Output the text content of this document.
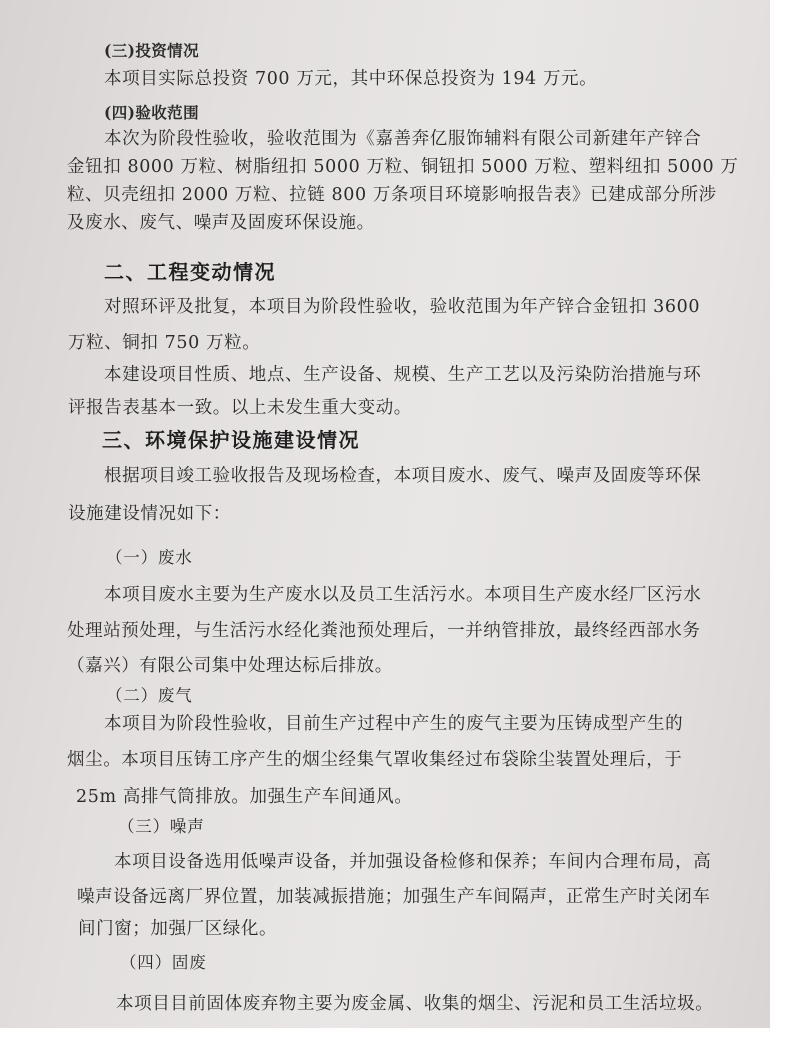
(三)投资情况
本项目实际总投资 700 万元，其中环保总投资为 194 万元。
(四)验收范围
本次为阶段性验收，验收范围为《嘉善奔亿服饰辅料有限公司新建年产锌合
金钮扣 8000 万粒、树脂纽扣 5000 万粒、铜钮扣 5000 万粒、塑料纽扣 5000 万
粒、贝壳纽扣 2000 万粒、拉链 800 万条项目环境影响报告表》已建成部分所涉
及废水、废气、噪声及固废环保设施。
二、工程变动情况
对照环评及批复，本项目为阶段性验收，验收范围为年产锌合金钮扣 3600
万粒、铜扣 750 万粒。
本建设项目性质、地点、生产设备、规模、生产工艺以及污染防治措施与环
评报告表基本一致。以上未发生重大变动。
三、环境保护设施建设情况
根据项目竣工验收报告及现场检查，本项目废水、废气、噪声及固废等环保
设施建设情况如下：
（一）废水
本项目废水主要为生产废水以及员工生活污水。本项目生产废水经厂区污水
处理站预处理，与生活污水经化粪池预处理后，一并纳管排放，最终经西部水务
（嘉兴）有限公司集中处理达标后排放。
（二）废气
本项目为阶段性验收，目前生产过程中产生的废气主要为压铸成型产生的
烟尘。本项目压铸工序产生的烟尘经集气罩收集经过布袋除尘装置处理后，于
25m 高排气筒排放。加强生产车间通风。
（三）噪声
本项目设备选用低噪声设备，并加强设备检修和保养；车间内合理布局，高
噪声设备远离厂界位置，加装减振措施；加强生产车间隔声，正常生产时关闭车
间门窗；加强厂区绿化。
（四）固废
本项目目前固体废弃物主要为废金属、收集的烟尘、污泥和员工生活垃圾。
